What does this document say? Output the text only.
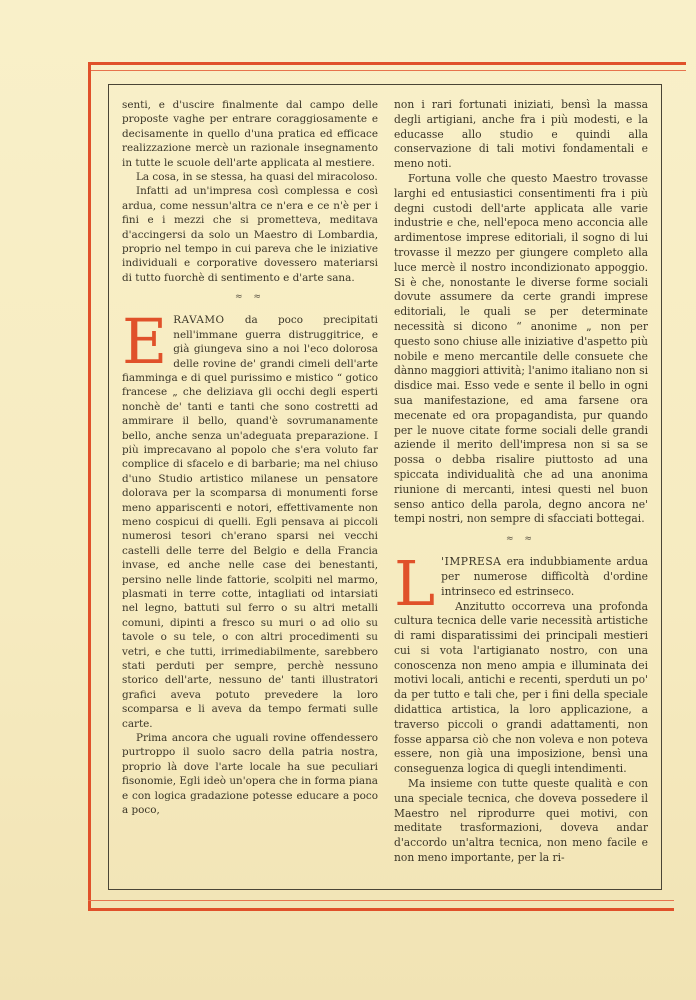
senti, e d'uscire finalmente dal campo delle proposte vaghe per entrare coraggiosamente e decisamente in quello d'una pratica ed efficace realizzazione mercè un razionale insegnamento in tutte le scuole dell'arte applicata al mestiere.

La cosa, in se stessa, ha quasi del miracoloso.

Infatti ad un'impresa così complessa e così ardua, come nessun'altra ce n'era e ce n'è per i fini e i mezzi che si promettevа, meditava d'accingersi da solo un Maestro di Lombardia, proprio nel tempo in cui pareva che le iniziative individuali e corporative dovessero materiarsi di tutto fuorchè di sentimento e d'arte sana.

≈ ≈

ERAVAMO da poco precipitati nell'immane guerra distruggitrice, e già giungeva sino a noi l'eco dolorosa delle rovine de' grandi cimeli dell'arte fiamminga e di quel purissimo e mistico “ gotico francese „ che deliziava gli occhi degli esperti nonchè de' tanti e tanti che sono costretti ad ammirare il bello, quand'è sovrumanamente bello, anche senza un'adeguata preparazione. I più imprecavano al popolo che s'era voluto far complice di sfacelo e di barbarie; ma nel chiuso d'uno Studio artistico milanese un pensatore dolorava per la scomparsa di monumenti forse meno appariscenti e notori, effettivamente non meno cospicui di quelli. Egli pensava ai piccoli numerosi tesori ch'erano sparsi nei vecchi castelli delle terre del Belgio e della Francia invase, ed anche nelle case dei benestanti, persino nelle linde fattorie, scolpiti nel marmo, plasmati in terre cotte, intagliati od intarsiati nel legno, battuti sul ferro o su altri metalli comuni, dipinti a fresco su muri o ad olio su tavole o su tele, o con altri procedimenti su vetri, e che tutti, irrimediabilmente, sarebbero stati perduti per sempre, perchè nessuno storico dell'arte, nessuno de' tanti illustratori grafici aveva potuto prevedere la loro scomparsa e li aveva da tempo fermati sulle carte.

Prima ancora che uguali rovine offendessero purtroppo il suolo sacro della patria nostra, proprio là dove l'arte locale ha sue peculiari fisonomie, Egli ideò un'opera che in forma piana e con logica gradazione potesse educare a poco a poco,

non i rari fortunati iniziati, bensì la massa degli artigiani, anche fra i più modesti, e la educasse allo studio e quindi alla conservazione di tali motivi fondamentali e meno noti.

Fortuna volle che questo Maestro trovasse larghi ed entusiastici consentimenti fra i più degni custodi dell'arte applicata alle varie industrie e che, nell'epoca meno acconcia alle ardimentose imprese editoriali, il sogno di lui trovasse il mezzo per giungere completo alla luce mercè il nostro incondizionato appoggio. Si è che, nonostante le diverse forme sociali dovute assumere da certe grandi imprese editoriali, le quali se per determinate necessità si dicono “ anonime „ non per questo sono chiuse alle iniziative d'aspetto più nobile e meno mercantile delle consuete che dànno maggiori attività; l'animo italiano non si disdice mai. Esso vede e sente il bello in ogni sua manifestazione, ed ama farsene ora mecenate ed ora propagandista, pur quando per le nuove citate forme sociali delle grandi aziende il merito dell'impresa non si sa se possa o debba risalire piuttosto ad una spiccata individualità che ad una anonima riunione di mercanti, intesi questi nel buon senso antico della parola, degno ancora ne' tempi nostri, non sempre di sfacciati bottegai.

≈ ≈

L 'IMPRESA era indubbiamente ardua per numerose difficoltà d'ordine intrinseco ed estrinseco.

Anzitutto occorreva una profonda cultura tecnica delle varie necessità artistiche di rami disparatissimi dei principali mestieri cui si vota l'artigianato nostro, con una conoscenza non meno ampia e illuminata dei motivi locali, antichi e recenti, sperduti un po' da per tutto e tali che, per i fini della speciale didattica artistica, la loro applicazione, a traverso piccoli o grandi adattamenti, non fosse apparsa ciò che non voleva e non poteva essere, non già una imposizione, bensì una conseguenza logica di quegli intendimenti.

Ma insieme con tutte queste qualità e con una speciale tecnica, che doveva possedere il Maestro nel riprodurre quei motivi, con meditate trasformazioni, doveva andar d'accordo un'altra tecnica, non meno facile e non meno importante, per la ri-
